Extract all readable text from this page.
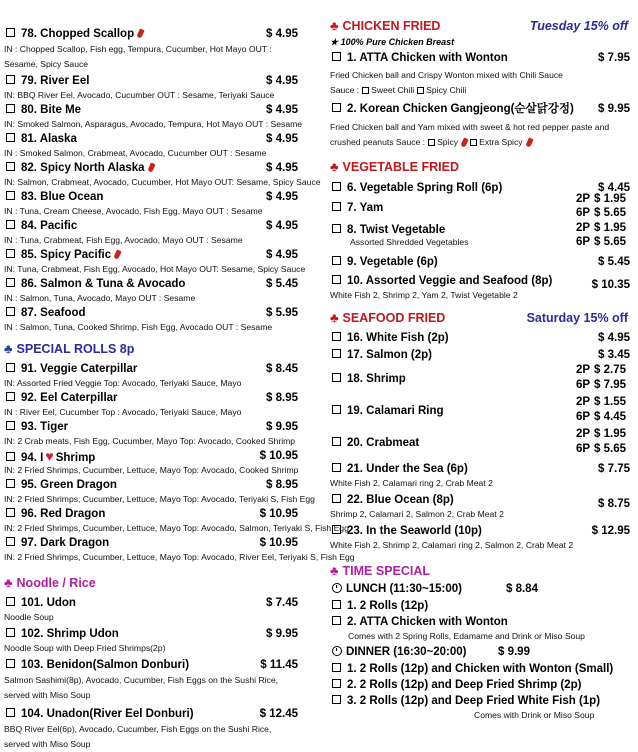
78. Chopped Scallop	$ 4.95
IN : Chopped Scallop, Fish egg, Tempura, Cucumber, Hot Mayo OUT : Sesame, Spicy Sauce
79. River Eel	$ 4.95
IN: BBQ River Eel, Avocado, Cucumber OUT : Sesame, Teriyaki Sauce
80. Bite Me	$ 4.95
IN: Smoked Salmon, Asparagus, Avocado, Tempura, Hot Mayo OUT : Sesame
81. Alaska	$ 4.95
IN : Smoked Salmon, Crabmeat, Avocado, Cucumber OUT : Sesame
82. Spicy North Alaska	$ 4.95
IN: Salmon, Crabmeat, Avocado, Cucumber, Hot Mayo OUT: Sesame, Spicy Sauce
83. Blue Ocean	$ 4.95
IN : Tuna, Cream Cheese, Avocado, Fish Egg, Mayo OUT : Sesame
84. Pacific	$ 4.95
IN : Tuna, Crabmeat, Fish Egg, Avocado, Mayo OUT : Sesame
85. Spicy Pacific	$ 4.95
IN: Tuna, Crabmeat, Fish Egg, Avocado, Hot Mayo OUT: Sesame, Spicy Sauce
86. Salmon & Tuna & Avocado	$ 5.45
IN : Salmon, Tuna, Avocado, Mayo OUT : Sesame
87. Seafood	$ 5.95
IN : Salmon, Tuna, Cooked Shrimp, Fish Egg, Avocado OUT : Sesame
♣ SPECIAL ROLLS 8p
91. Veggie Caterpillar	$ 8.45
IN: Assorted Fried Veggie Top: Avocado, Teriyaki Sauce, Mayo
92. Eel Caterpillar	$ 8.95
IN : River Eel, Cucumber Top : Avocado, Teriyaki Sauce, Mayo
93. Tiger	$ 9.95
IN: 2 Crab meats, Fish Egg, Cucumber, Mayo Top: Avocado, Cooked Shrimp
94. I ♥ Shrimp	$ 10.95
IN: 2 Fried Shrimps, Cucumber, Lettuce, Mayo Top: Avocado, Cooked Shrimp
95. Green Dragon	$ 8.95
IN: 2 Fried Shrimps, Cucumber, Lettuce, Mayo Top: Avocado, Teriyaki S, Fish Egg
96. Red Dragon	$ 10.95
IN: 2 Fried Shrimps, Cucumber, Lettuce, Mayo Top: Avocado, Salmon, Teriyaki S, Fish Egg
97. Dark Dragon	$ 10.95
IN: 2 Fried Shrimps, Cucumber, Lettuce, Mayo Top: Avocado, River Eel, Teriyaki S, Fish Egg
♣ Noodle / Rice
101. Udon	$ 7.45
Noodle Soup
102. Shrimp Udon	$ 9.95
Noodle Soup with Deep Fried Shrimps(2p)
103. Benidon(Salmon Donburi)	$ 11.45
Salmon Sashimi(8p), Avocado, Cucumber, Fish Eggs on the Sushi Rice, served with Miso Soup
104. Unadon(River Eel Donburi)	$ 12.45
BBQ River Eel(6p), Avocado, Cucumber, Fish Eggs on the Sushi Rice, served with Miso Soup
♣ CHICKEN FRIED	Tuesday 15% off
★ 100% Pure Chicken Breast
1. ATTA Chicken with Wonton	$ 7.95
Fried Chicken ball and Crispy Wonton mixed with Chili Sauce
Sauce : Sweet Chili Spicy Chili
2. Korean Chicken Gangjeong(순살닭강정) $ 9.95
Fried Chicken ball and Yam mixed with sweet & hot red pepper paste and crushed peanuts Sauce : Spicy Extra Spicy
♣ VEGETABLE FRIED
6. Vegetable Spring Roll (6p)	$ 4.45
7. Yam
2P $ 1.95
6P $ 5.65
8. Twist Vegetable
Assorted Shredded Vegetables
2P $ 1.95
6P $ 5.65
9. Vegetable (6p)	$ 5.45
10. Assorted Veggie and Seafood (8p)	$ 10.35
White Fish 2, Shrimp 2, Yam 2, Twist Vegetable 2
♣ SEAFOOD FRIED	Saturday 15% off
16. White Fish (2p)	$ 4.95
17. Salmon (2p)	$ 3.45
18. Shrimp
2P $ 2.75
6P $ 7.95
19. Calamari Ring
2P $ 1.55
6P $ 4.45
20. Crabmeat
2P $ 1.95
6P $ 5.65
21. Under the Sea (6p)	$ 7.75
White Fish 2, Calamari ring 2, Crab Meat 2
22. Blue Ocean (8p)	$ 8.75
Shrimp 2, Calamari 2, Salmon 2, Crab Meat 2
23. In the Seaworld (10p)	$ 12.95
White Fish 2, Shrimp 2, Calamari ring 2, Salmon 2, Crab Meat 2
♣ TIME SPECIAL
LUNCH (11:30~15:00)	$ 8.84
1. 2 Rolls (12p)
2. ATTA Chicken with Wonton
Comes with 2 Spring Rolls, Edamame and Drink or Miso Soup
DINNER (16:30~20:00)	$ 9.99
1. 2 Rolls (12p) and Chicken with Wonton (Small)
2. 2 Rolls (12p) and Deep Fried Shrimp (2p)
3. 2 Rolls (12p) and Deep Fried White Fish (1p)
Comes with Drink or Miso Soup
